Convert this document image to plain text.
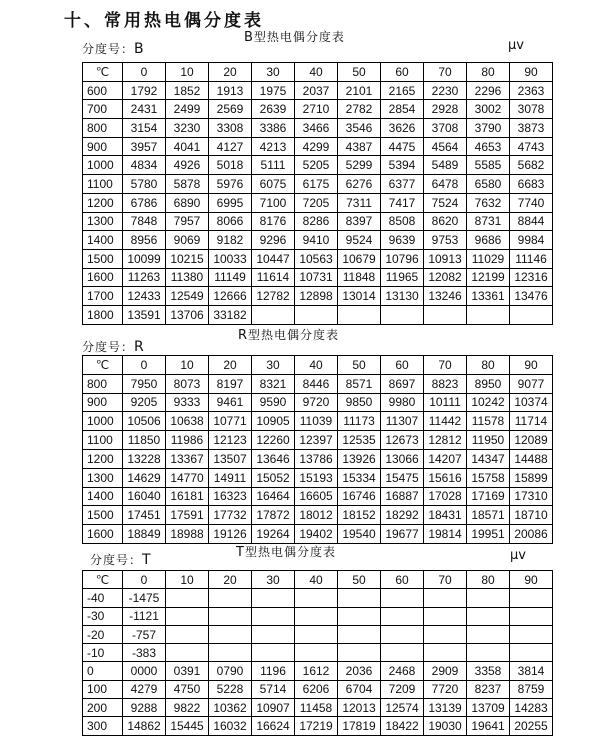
十、常用热电偶分度表
分度号：B
B型热电偶分度表
μv
℃	0	10	20	30	40	50	60	70	80	90
600	1792	1852	1913	1975	2037	2101	2165	2230	2296	2363
700	2431	2499	2569	2639	2710	2782	2854	2928	3002	3078
800	3154	3230	3308	3386	3466	3546	3626	3708	3790	3873
900	3957	4041	4127	4213	4299	4387	4475	4564	4653	4743
1000	4834	4926	5018	5111	5205	5299	5394	5489	5585	5682
1100	5780	5878	5976	6075	6175	6276	6377	6478	6580	6683
1200	6786	6890	6995	7100	7205	7311	7417	7524	7632	7740
1300	7848	7957	8066	8176	8286	8397	8508	8620	8731	8844
1400	8956	9069	9182	9296	9410	9524	9639	9753	9686	9984
1500	10099	10215	10033	10447	10563	10679	10796	10913	11029	11146
1600	11263	11380	11149	11614	10731	11848	11965	12082	12199	12316
1700	12433	12549	12666	12782	12898	13014	13130	13246	13361	13476
1800	13591	13706	33182							
分度号：R
R型热电偶分度表
℃	0	10	20	30	40	50	60	70	80	90
800	7950	8073	8197	8321	8446	8571	8697	8823	8950	9077
900	9205	9333	9461	9590	9720	9850	9980	10111	10242	10374
1000	10506	10638	10771	10905	11039	11173	11307	11442	11578	11714
1100	11850	11986	12123	12260	12397	12535	12673	12812	11950	12089
1200	13228	13367	13507	13646	13786	13926	13066	14207	14347	14488
1300	14629	14770	14911	15052	15193	15334	15475	15616	15758	15899
1400	16040	16181	16323	16464	16605	16746	16887	17028	17169	17310
1500	17451	17591	17732	17872	18012	18152	18292	18431	18571	18710
1600	18849	18988	19126	19264	19402	19540	19677	19814	19951	20086
分度号：T	T型热电偶分度表	μv
℃	0	10	20	30	40	50	60	70	80	90
-40	-1475									
-30	-1121									
-20	-757									
-10	-383									
0	0000	0391	0790	1196	1612	2036	2468	2909	3358	3814
100	4279	4750	5228	5714	6206	6704	7209	7720	8237	8759
200	9288	9822	10362	10907	11458	12013	12574	13139	13709	14283
300	14862	15445	16032	16624	17219	17819	18422	19030	19641	20255
